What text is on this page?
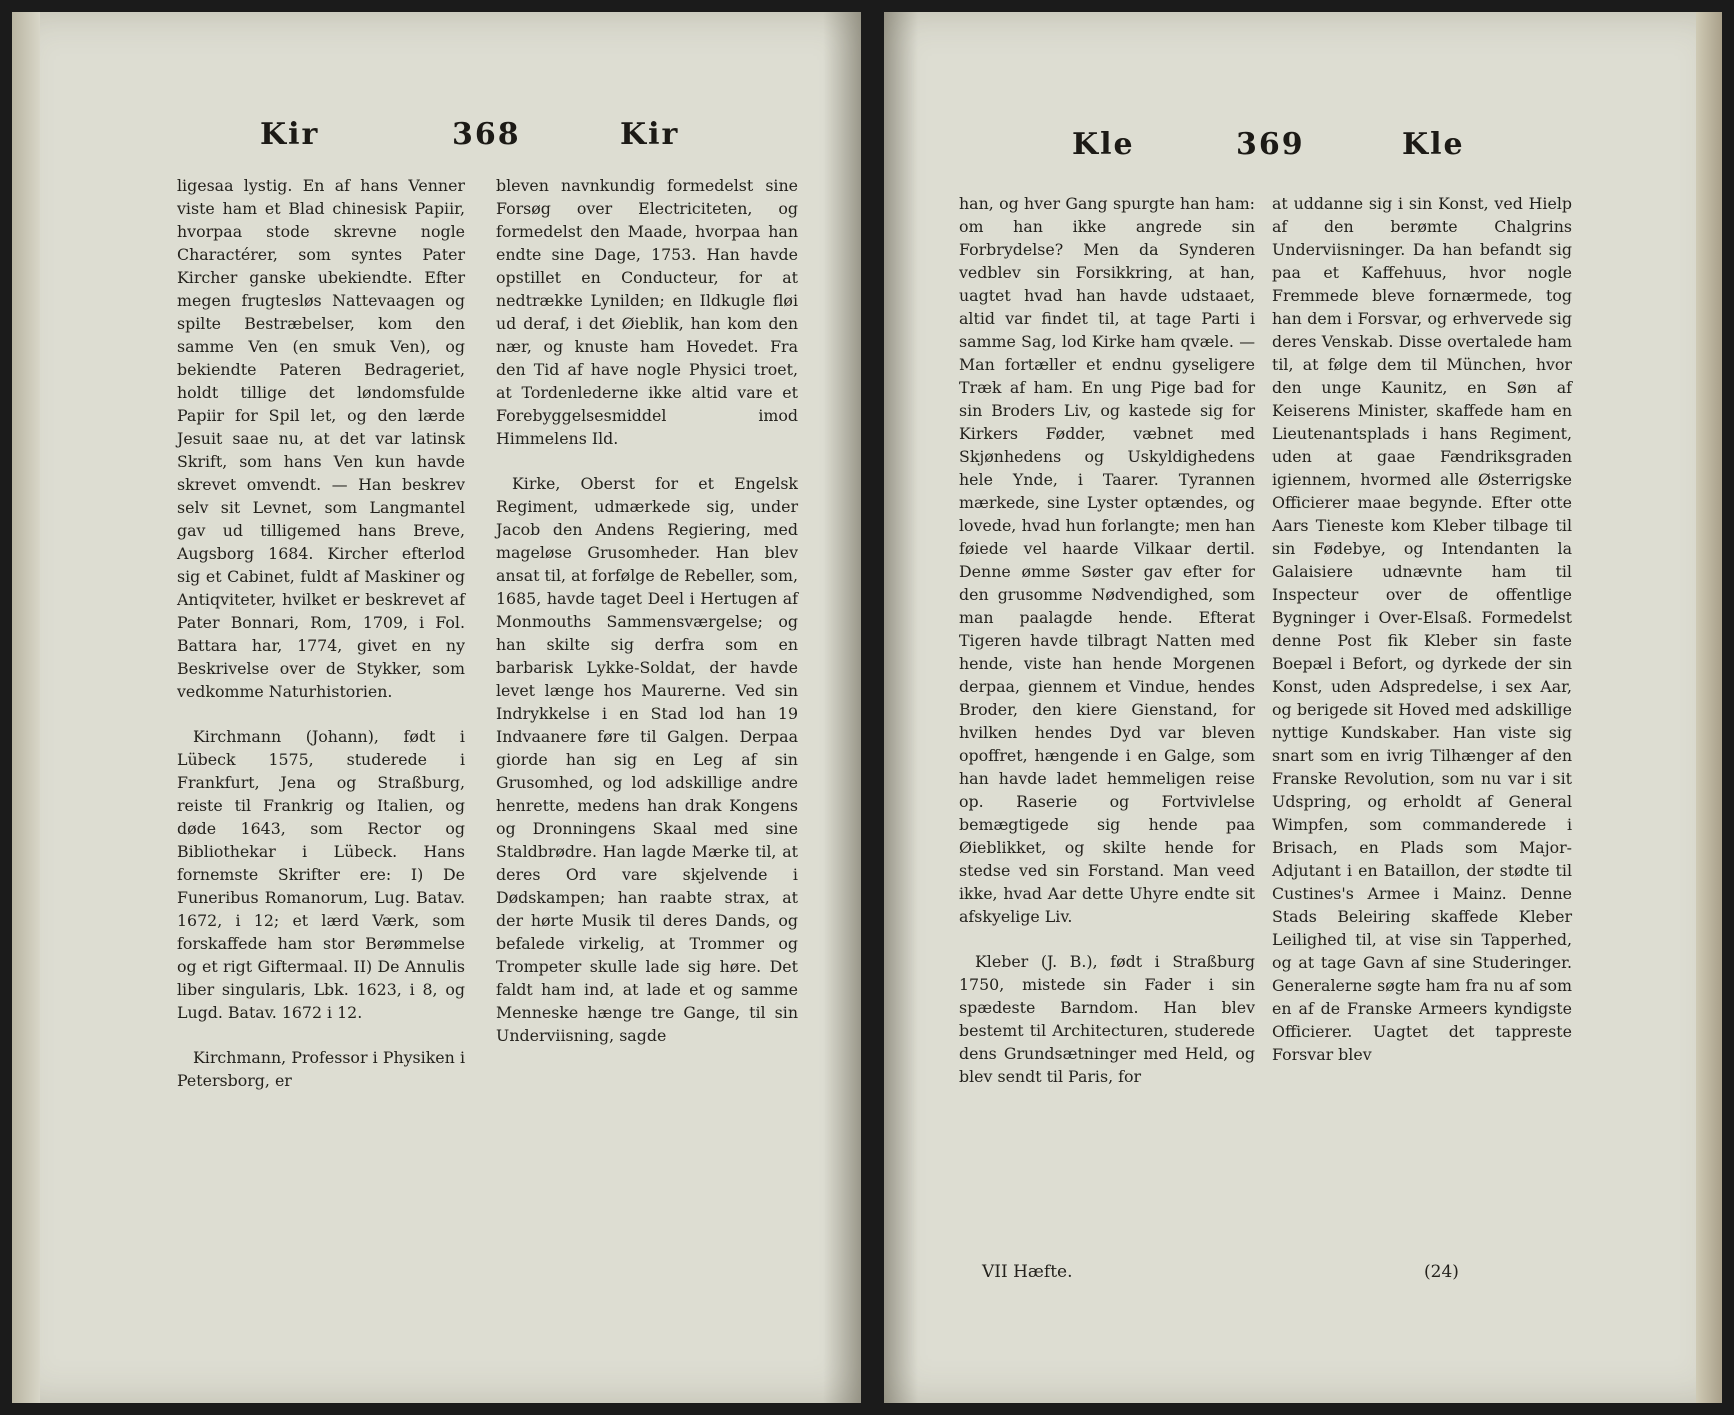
Kir	368	Kir

ligesaa lystig. En af hans Venner viste ham et Blad chinesisk Papiir, hvorpaa stode skrevne nogle Charactérer, som syntes Pater Kircher ganske ubekiendte. Efter megen frugtesløs Nattevaagen og spilte Bestræbelser, kom den samme Ven (en smuk Ven), og bekiendte Pateren Bedrageriet, holdt tillige det løndomsfulde Papiir for Spil let, og den lærde Jesuit saae nu, at det var latinsk Skrift, som hans Ven kun havde skrevet omvendt. — Han beskrev selv sit Levnet, som Langmantel gav ud tilligemed hans Breve, Augsborg 1684. Kircher efterlod sig et Cabinet, fuldt af Maskiner og Antiqviteter, hvilket er beskrevet af Pater Bonnari, Rom, 1709, i Fol. Battara har, 1774, givet en ny Beskrivelse over de Stykker, som vedkomme Naturhistorien.

Kirchmann (Johann), født i Lübeck 1575, studerede i Frankfurt, Jena og Straßburg, reiste til Frankrig og Italien, og døde 1643, som Rector og Bibliothekar i Lübeck. Hans fornemste Skrifter ere: I) De Funeribus Romanorum, Lug. Batav. 1672, i 12; et lærd Værk, som forskaffede ham stor Berømmelse og et rigt Giftermaal. II) De Annulis liber singularis, Lbk. 1623, i 8, og Lugd. Batav. 1672 i 12.

Kirchmann, Professor i Physiken i Petersborg, er

bleven navnkundig formedelst sine Forsøg over Electriciteten, og formedelst den Maade, hvorpaa han endte sine Dage, 1753. Han havde opstillet en Conducteur, for at nedtrække Lynilden; en Ildkugle fløi ud deraf, i det Øieblik, han kom den nær, og knuste ham Hovedet. Fra den Tid af have nogle Physici troet, at Tordenlederne ikke altid vare et Forebyggelsesmiddel imod Himmelens Ild.

Kirke, Oberst for et Engelsk Regiment, udmærkede sig, under Jacob den Andens Regiering, med mageløse Grusomheder. Han blev ansat til, at forfølge de Rebeller, som, 1685, havde taget Deel i Hertugen af Monmouths Sammensværgelse; og han skilte sig derfra som en barbarisk Lykke-Soldat, der havde levet længe hos Maurerne. Ved sin Indrykkelse i en Stad lod han 19 Indvaanere føre til Galgen. Derpaa giorde han sig en Leg af sin Grusomhed, og lod adskillige andre henrette, medens han drak Kongens og Dronningens Skaal med sine Staldbrødre. Han lagde Mærke til, at deres Ord vare skjelvende i Dødskampen; han raabte strax, at der hørte Musik til deres Dands, og befalede virkelig, at Trommer og Trompeter skulle lade sig høre. Det faldt ham ind, at lade et og samme Menneske hænge tre Gange, til sin Underviisning, sagde

Kle	369	Kle

han, og hver Gang spurgte han ham: om han ikke angrede sin Forbrydelse? Men da Synderen vedblev sin Forsikkring, at han, uagtet hvad han havde udstaaet, altid var findet til, at tage Parti i samme Sag, lod Kirke ham qvæle. — Man fortæller et endnu gyseligere Træk af ham. En ung Pige bad for sin Broders Liv, og kastede sig for Kirkers Fødder, væbnet med Skjønhedens og Uskyldighedens hele Ynde, i Taarer. Tyrannen mærkede, sine Lyster optændes, og lovede, hvad hun forlangte; men han føiede vel haarde Vilkaar dertil. Denne ømme Søster gav efter for den grusomme Nødvendighed, som man paalagde hende. Efterat Tigeren havde tilbragt Natten med hende, viste han hende Morgenen derpaa, giennem et Vindue, hendes Broder, den kiere Gienstand, for hvilken hendes Dyd var bleven opoffret, hængende i en Galge, som han havde ladet hemmeligen reise op. Raserie og Fortvivlelse bemægtigede sig hende paa Øieblikket, og skilte hende for stedse ved sin Forstand. Man veed ikke, hvad Aar dette Uhyre endte sit afskyelige Liv.

Kleber (J. B.), født i Straßburg 1750, mistede sin Fader i sin spædeste Barndom. Han blev bestemt til Architecturen, studerede dens Grundsætninger med Held, og blev sendt til Paris, for

at uddanne sig i sin Konst, ved Hielp af den berømte Chalgrins Underviisninger. Da han befandt sig paa et Kaffehuus, hvor nogle Fremmede bleve fornærmede, tog han dem i Forsvar, og erhvervede sig deres Venskab. Disse overtalede ham til, at følge dem til München, hvor den unge Kaunitz, en Søn af Keiserens Minister, skaffede ham en Lieutenantsplads i hans Regiment, uden at gaae Fændriksgraden igiennem, hvormed alle Østerrigske Officierer maae begynde. Efter otte Aars Tieneste kom Kleber tilbage til sin Fødebye, og Intendanten la Galaisiere udnævnte ham til Inspecteur over de offentlige Bygninger i Over-Elsaß. Formedelst denne Post fik Kleber sin faste Boepæl i Befort, og dyrkede der sin Konst, uden Adspredelse, i sex Aar, og berigede sit Hoved med adskillige nyttige Kundskaber. Han viste sig snart som en ivrig Tilhænger af den Franske Revolution, som nu var i sit Udspring, og erholdt af General Wimpfen, som commanderede i Brisach, en Plads som Major-Adjutant i en Bataillon, der stødte til Custines's Armee i Mainz. Denne Stads Beleiring skaffede Kleber Leilighed til, at vise sin Tapperhed, og at tage Gavn af sine Studeringer. Generalerne søgte ham fra nu af som en af de Franske Armeers kyndigste Officierer. Uagtet det tappreste Forsvar blev

VII Hæfte.	(24)
